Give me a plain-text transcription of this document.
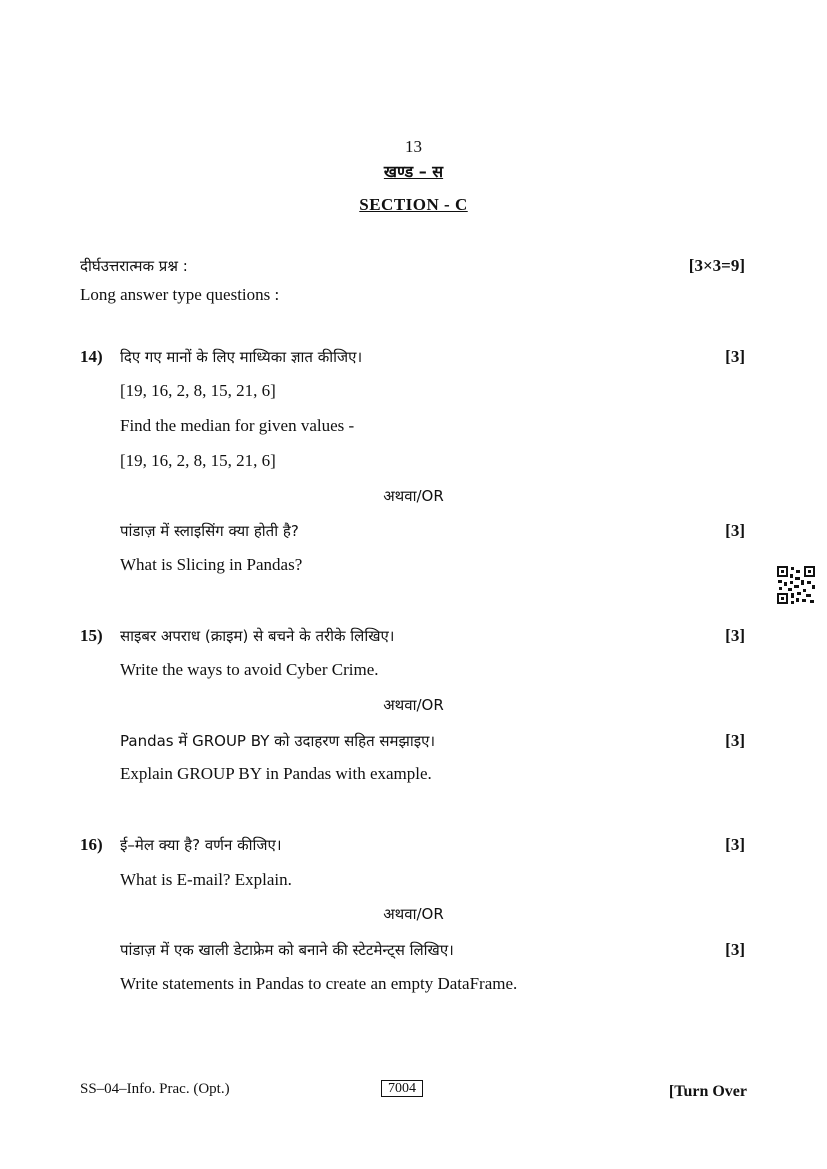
13
खण्ड – स
SECTION - C
दीर्घउत्तरात्मक प्रश्न :	[3×3=9]
Long answer type questions :
14) दिए गए मानों के लिए माध्यिका ज्ञात कीजिए।	[3]
[19, 16, 2, 8, 15, 21, 6]
Find the median for given values -
[19, 16, 2, 8, 15, 21, 6]
अथवा/OR
पांडाज़ में स्लाइसिंग क्या होती है?	[3]
What is Slicing in Pandas?
15) साइबर अपराध (क्राइम) से बचने के तरीके लिखिए।	[3]
Write the ways to avoid Cyber Crime.
अथवा/OR
Pandas में GROUP BY को उदाहरण सहित समझाइए।	[3]
Explain GROUP BY in Pandas with example.
16) ई–मेल क्या है? वर्णन कीजिए।	[3]
What is E-mail? Explain.
अथवा/OR
पांडाज़ में एक खाली डेटाफ्रेम को बनाने की स्टेटमेन्ट्स लिखिए।	[3]
Write statements in Pandas to create an empty DataFrame.
SS–04–Info. Prac. (Opt.)	7004	[Turn Over
